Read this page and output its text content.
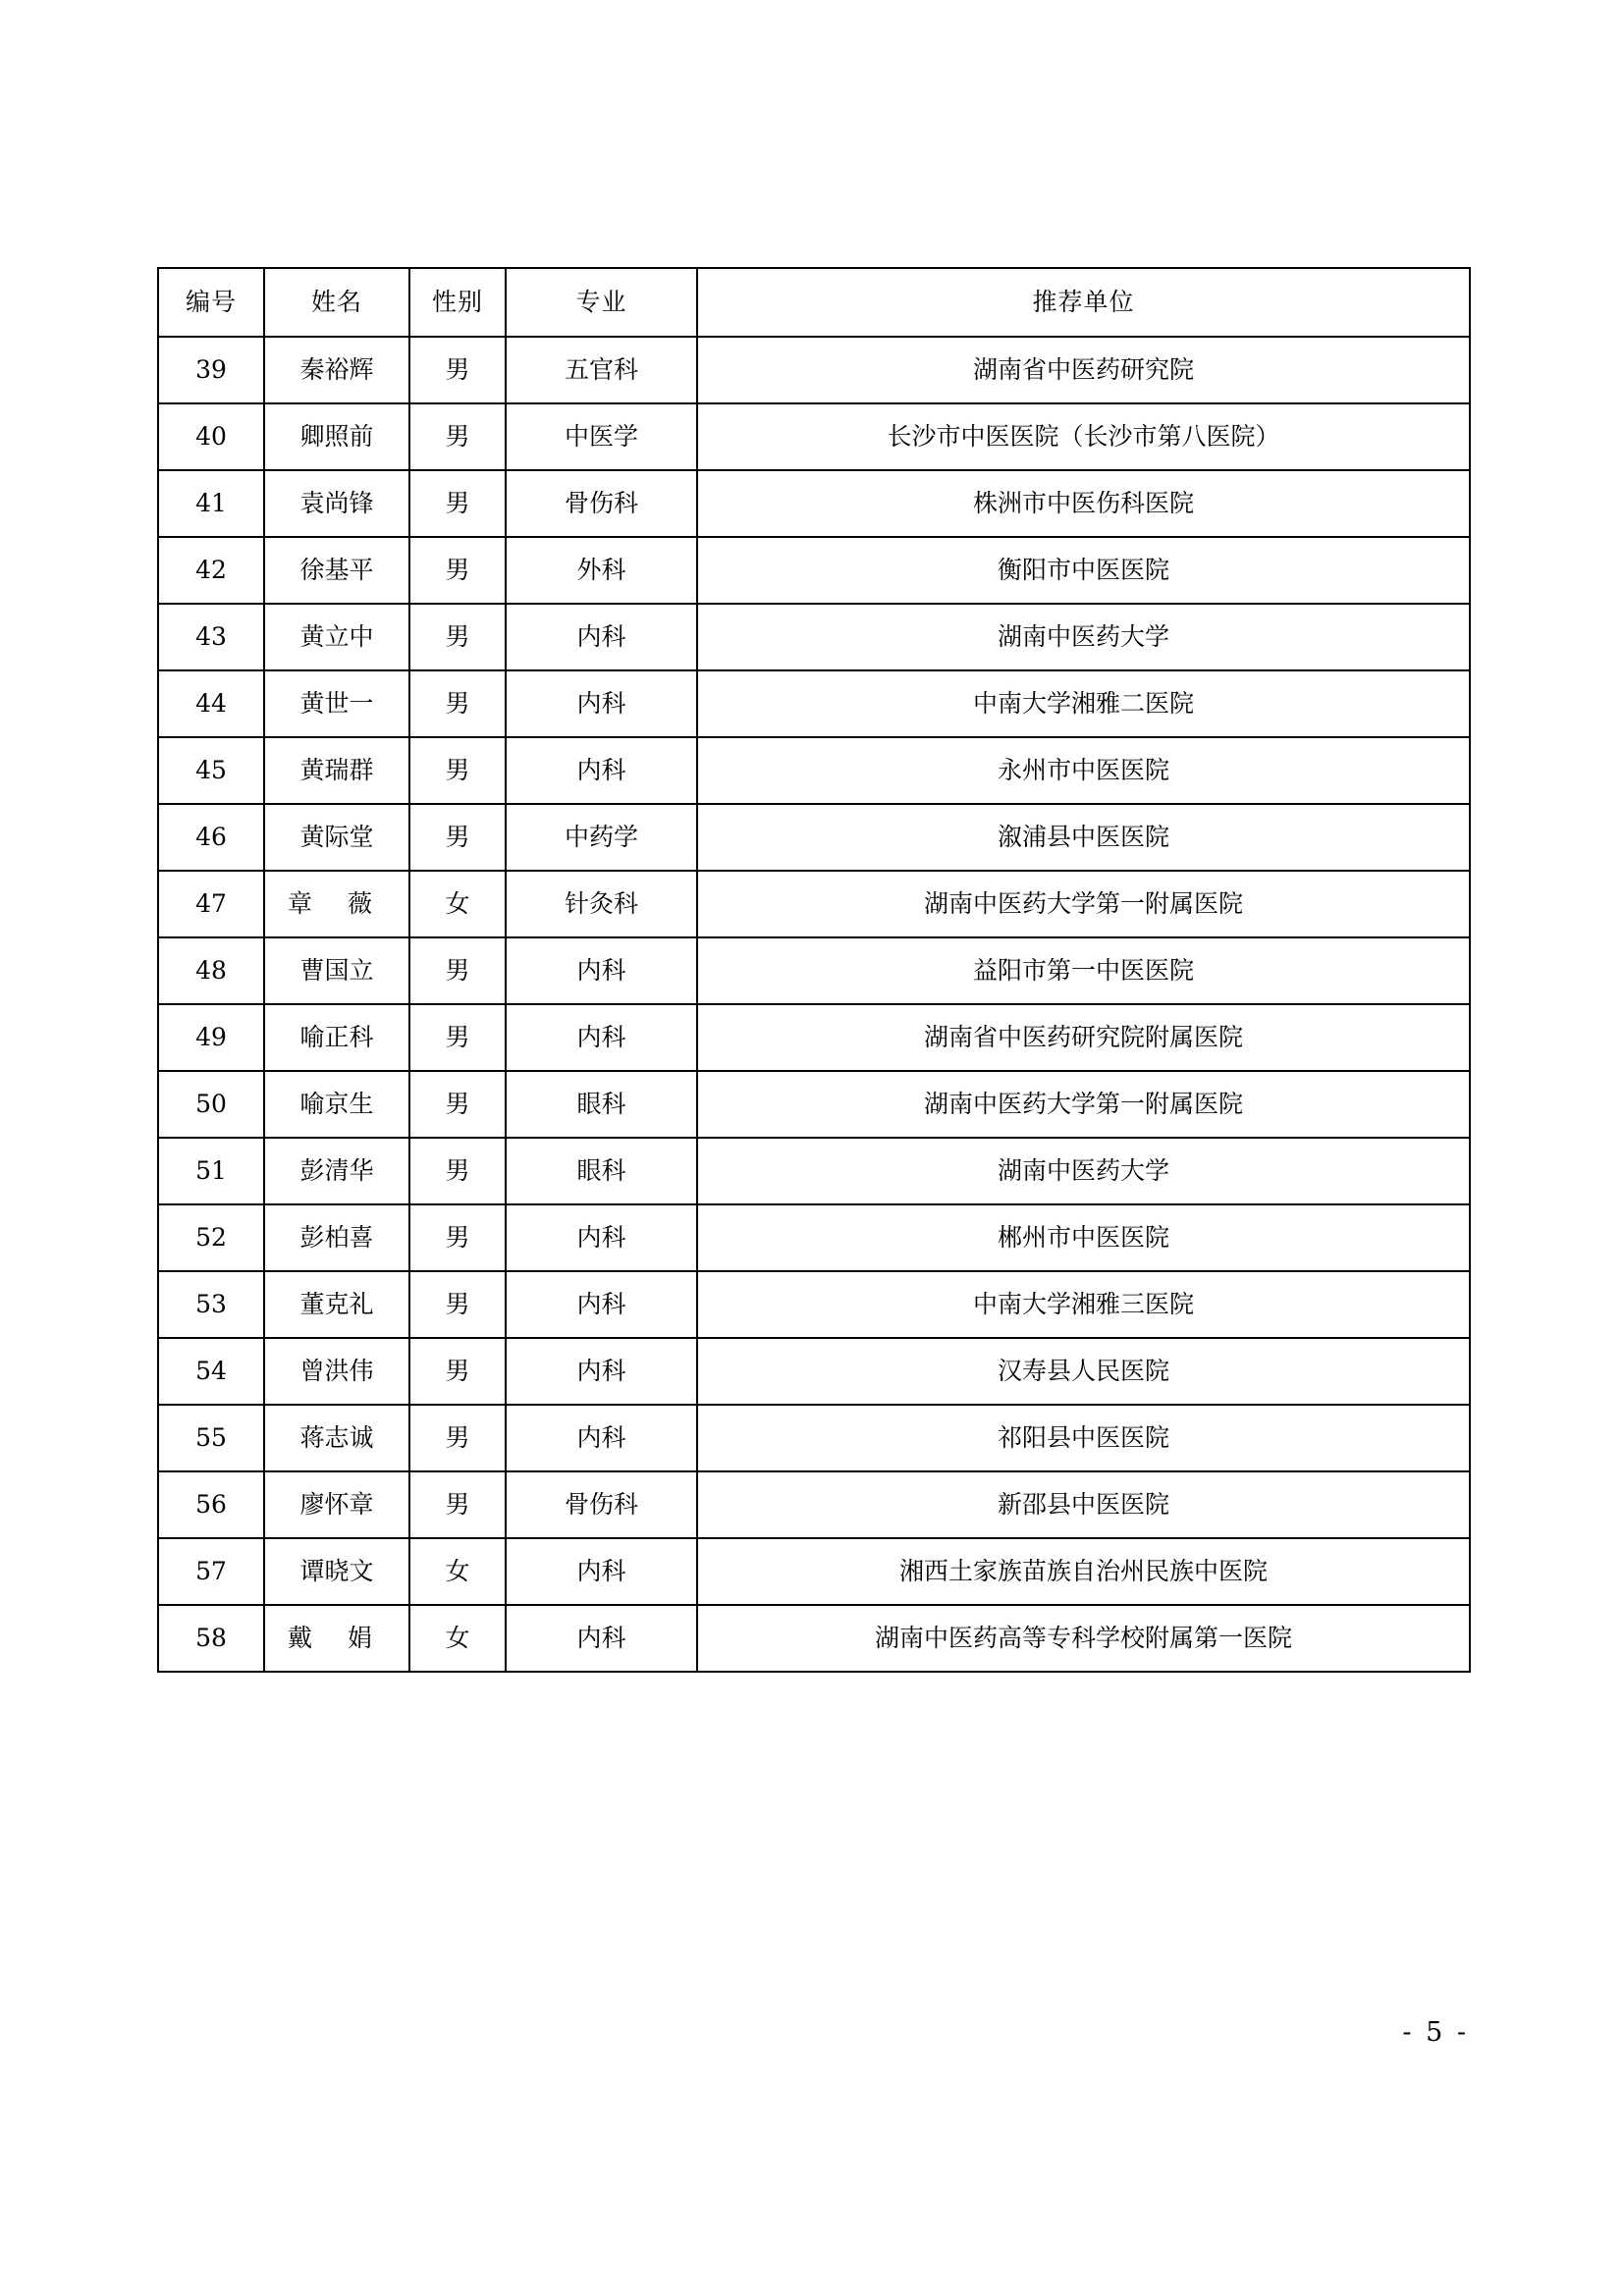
编号	姓名	性别	专业	推荐单位
39	秦裕辉	男	五官科	湖南省中医药研究院
40	卿照前	男	中医学	长沙市中医医院（长沙市第八医院）
41	袁尚锋	男	骨伤科	株洲市中医伤科医院
42	徐基平	男	外科	衡阳市中医医院
43	黄立中	男	内科	湖南中医药大学
44	黄世一	男	内科	中南大学湘雅二医院
45	黄瑞群	男	内科	永州市中医医院
46	黄际堂	男	中药学	溆浦县中医医院
47	章 薇	女	针灸科	湖南中医药大学第一附属医院
48	曹国立	男	内科	益阳市第一中医医院
49	喻正科	男	内科	湖南省中医药研究院附属医院
50	喻京生	男	眼科	湖南中医药大学第一附属医院
51	彭清华	男	眼科	湖南中医药大学
52	彭柏喜	男	内科	郴州市中医医院
53	董克礼	男	内科	中南大学湘雅三医院
54	曾洪伟	男	内科	汉寿县人民医院
55	蒋志诚	男	内科	祁阳县中医医院
56	廖怀章	男	骨伤科	新邵县中医医院
57	谭晓文	女	内科	湘西土家族苗族自治州民族中医院
58	戴 娟	女	内科	湖南中医药高等专科学校附属第一医院
- 5 -
